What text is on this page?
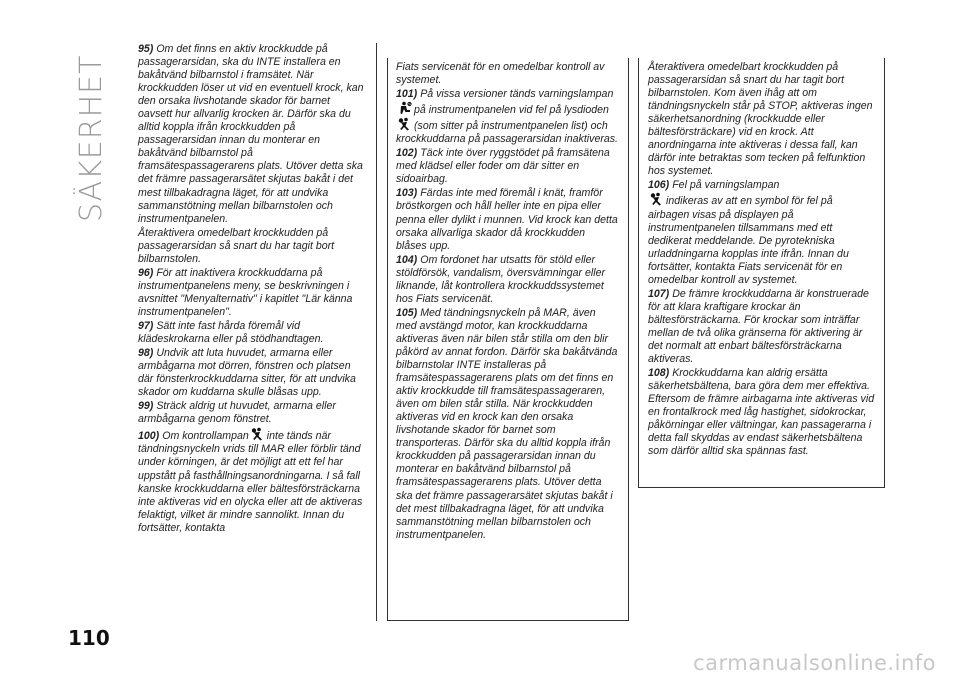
SÄKERHET

95) Om det finns en aktiv krockkudde på passagerarsidan, ska du INTE installera en bakåtvänd bilbarnstol i framsätet. När krockkudden löser ut vid en eventuell krock, kan den orsaka livshotande skador för barnet oavsett hur allvarlig krocken är. Därför ska du alltid koppla ifrån krockkudden på passagerarsidan innan du monterar en bakåtvänd bilbarnstol på framsätespassagerarens plats. Utöver detta ska det främre passagerarsätet skjutas bakåt i det mest tillbakadragna läget, för att undvika sammanstötning mellan bilbarnstolen och instrumentpanelen.

Återaktivera omedelbart krockkudden på passagerarsidan så snart du har tagit bort bilbarnstolen.

96) För att inaktivera krockkuddarna på instrumentpanelens meny, se beskrivningen i avsnittet "Menyalternativ" i kapitlet "Lär känna instrumentpanelen".

97) Sätt inte fast hårda föremål vid klädeskrokarna eller på stödhandtagen.

98) Undvik att luta huvudet, armarna eller armbågarna mot dörren, fönstren och platsen där fönsterkrockkuddarna sitter, för att undvika skador om kuddarna skulle blåsas upp.

99) Sträck aldrig ut huvudet, armarna eller armbågarna genom fönstret.

100) Om kontrollampan inte tänds när tändningsnyckeln vrids till MAR eller förblir tänd under körningen, är det möjligt att ett fel har uppstått på fasthållningsanordningarna. I så fall kanske krockkuddarna eller bältesförsträckarna inte aktiveras vid en olycka eller att de aktiveras felaktigt, vilket är mindre sannolikt. Innan du fortsätter, kontakta

Fiats servicenät för en omedelbar kontroll av systemet.

101) På vissa versioner tänds varningslampan
på instrumentpanelen vid fel på lysdioden
(som sitter på instrumentpanelen list) och krockkuddarna på passagerarsidan inaktiveras.

102) Täck inte över ryggstödet på framsätena med klädsel eller foder om där sitter en sidoairbag.

103) Färdas inte med föremål i knät, framför bröstkorgen och håll heller inte en pipa eller penna eller dylikt i munnen. Vid krock kan detta orsaka allvarliga skador då krockkudden blåses upp.

104) Om fordonet har utsatts för stöld eller stöldförsök, vandalism, översvämningar eller liknande, låt kontrollera krockkuddssystemet hos Fiats servicenät.

105) Med tändningsnyckeln på MAR, även med avstängd motor, kan krockkuddarna aktiveras även när bilen står stilla om den blir påkörd av annat fordon. Därför ska bakåtvända bilbarnstolar INTE installeras på framsätespassagerarens plats om det finns en aktiv krockkudde till framsätespassageraren, även om bilen står stilla. När krockkudden aktiveras vid en krock kan den orsaka livshotande skador för barnet som transporteras. Därför ska du alltid koppla ifrån krockkudden på passagerarsidan innan du monterar en bakåtvänd bilbarnstol på framsätespassagerarens plats. Utöver detta ska det främre passagerarsätet skjutas bakåt i det mest tillbakadragna läget, för att undvika sammanstötning mellan bilbarnstolen och instrumentpanelen.

Återaktivera omedelbart krockkudden på passagerarsidan så snart du har tagit bort bilbarnstolen. Kom även ihåg att om tändningsnyckeln står på STOP, aktiveras ingen säkerhetsanordning (krockkudde eller bältesförsträckare) vid en krock. Att anordningarna inte aktiveras i dessa fall, kan därför inte betraktas som tecken på felfunktion hos systemet.

106) Fel på varningslampan

indikeras av att en symbol för fel på airbagen visas på displayen på instrumentpanelen tillsammans med ett dedikerat meddelande. De pyrotekniska urladdningarna kopplas inte ifrån. Innan du fortsätter, kontakta Fiats servicenät för en omedelbar kontroll av systemet.

107) De främre krockkuddarna är konstruerade för att klara kraftigare krockar än bältesförsträckarna. För krockar som inträffar mellan de två olika gränserna för aktivering är det normalt att enbart bältesförsträckarna aktiveras.

108) Krockkuddarna kan aldrig ersätta säkerhetsbältena, bara göra dem mer effektiva. Eftersom de främre airbagarna inte aktiveras vid en frontalkrock med låg hastighet, sidokrockar, påkörningar eller vältningar, kan passagerarna i detta fall skyddas av endast säkerhetsbältena som därför alltid ska spännas fast.

110
carmanualsonline.info
